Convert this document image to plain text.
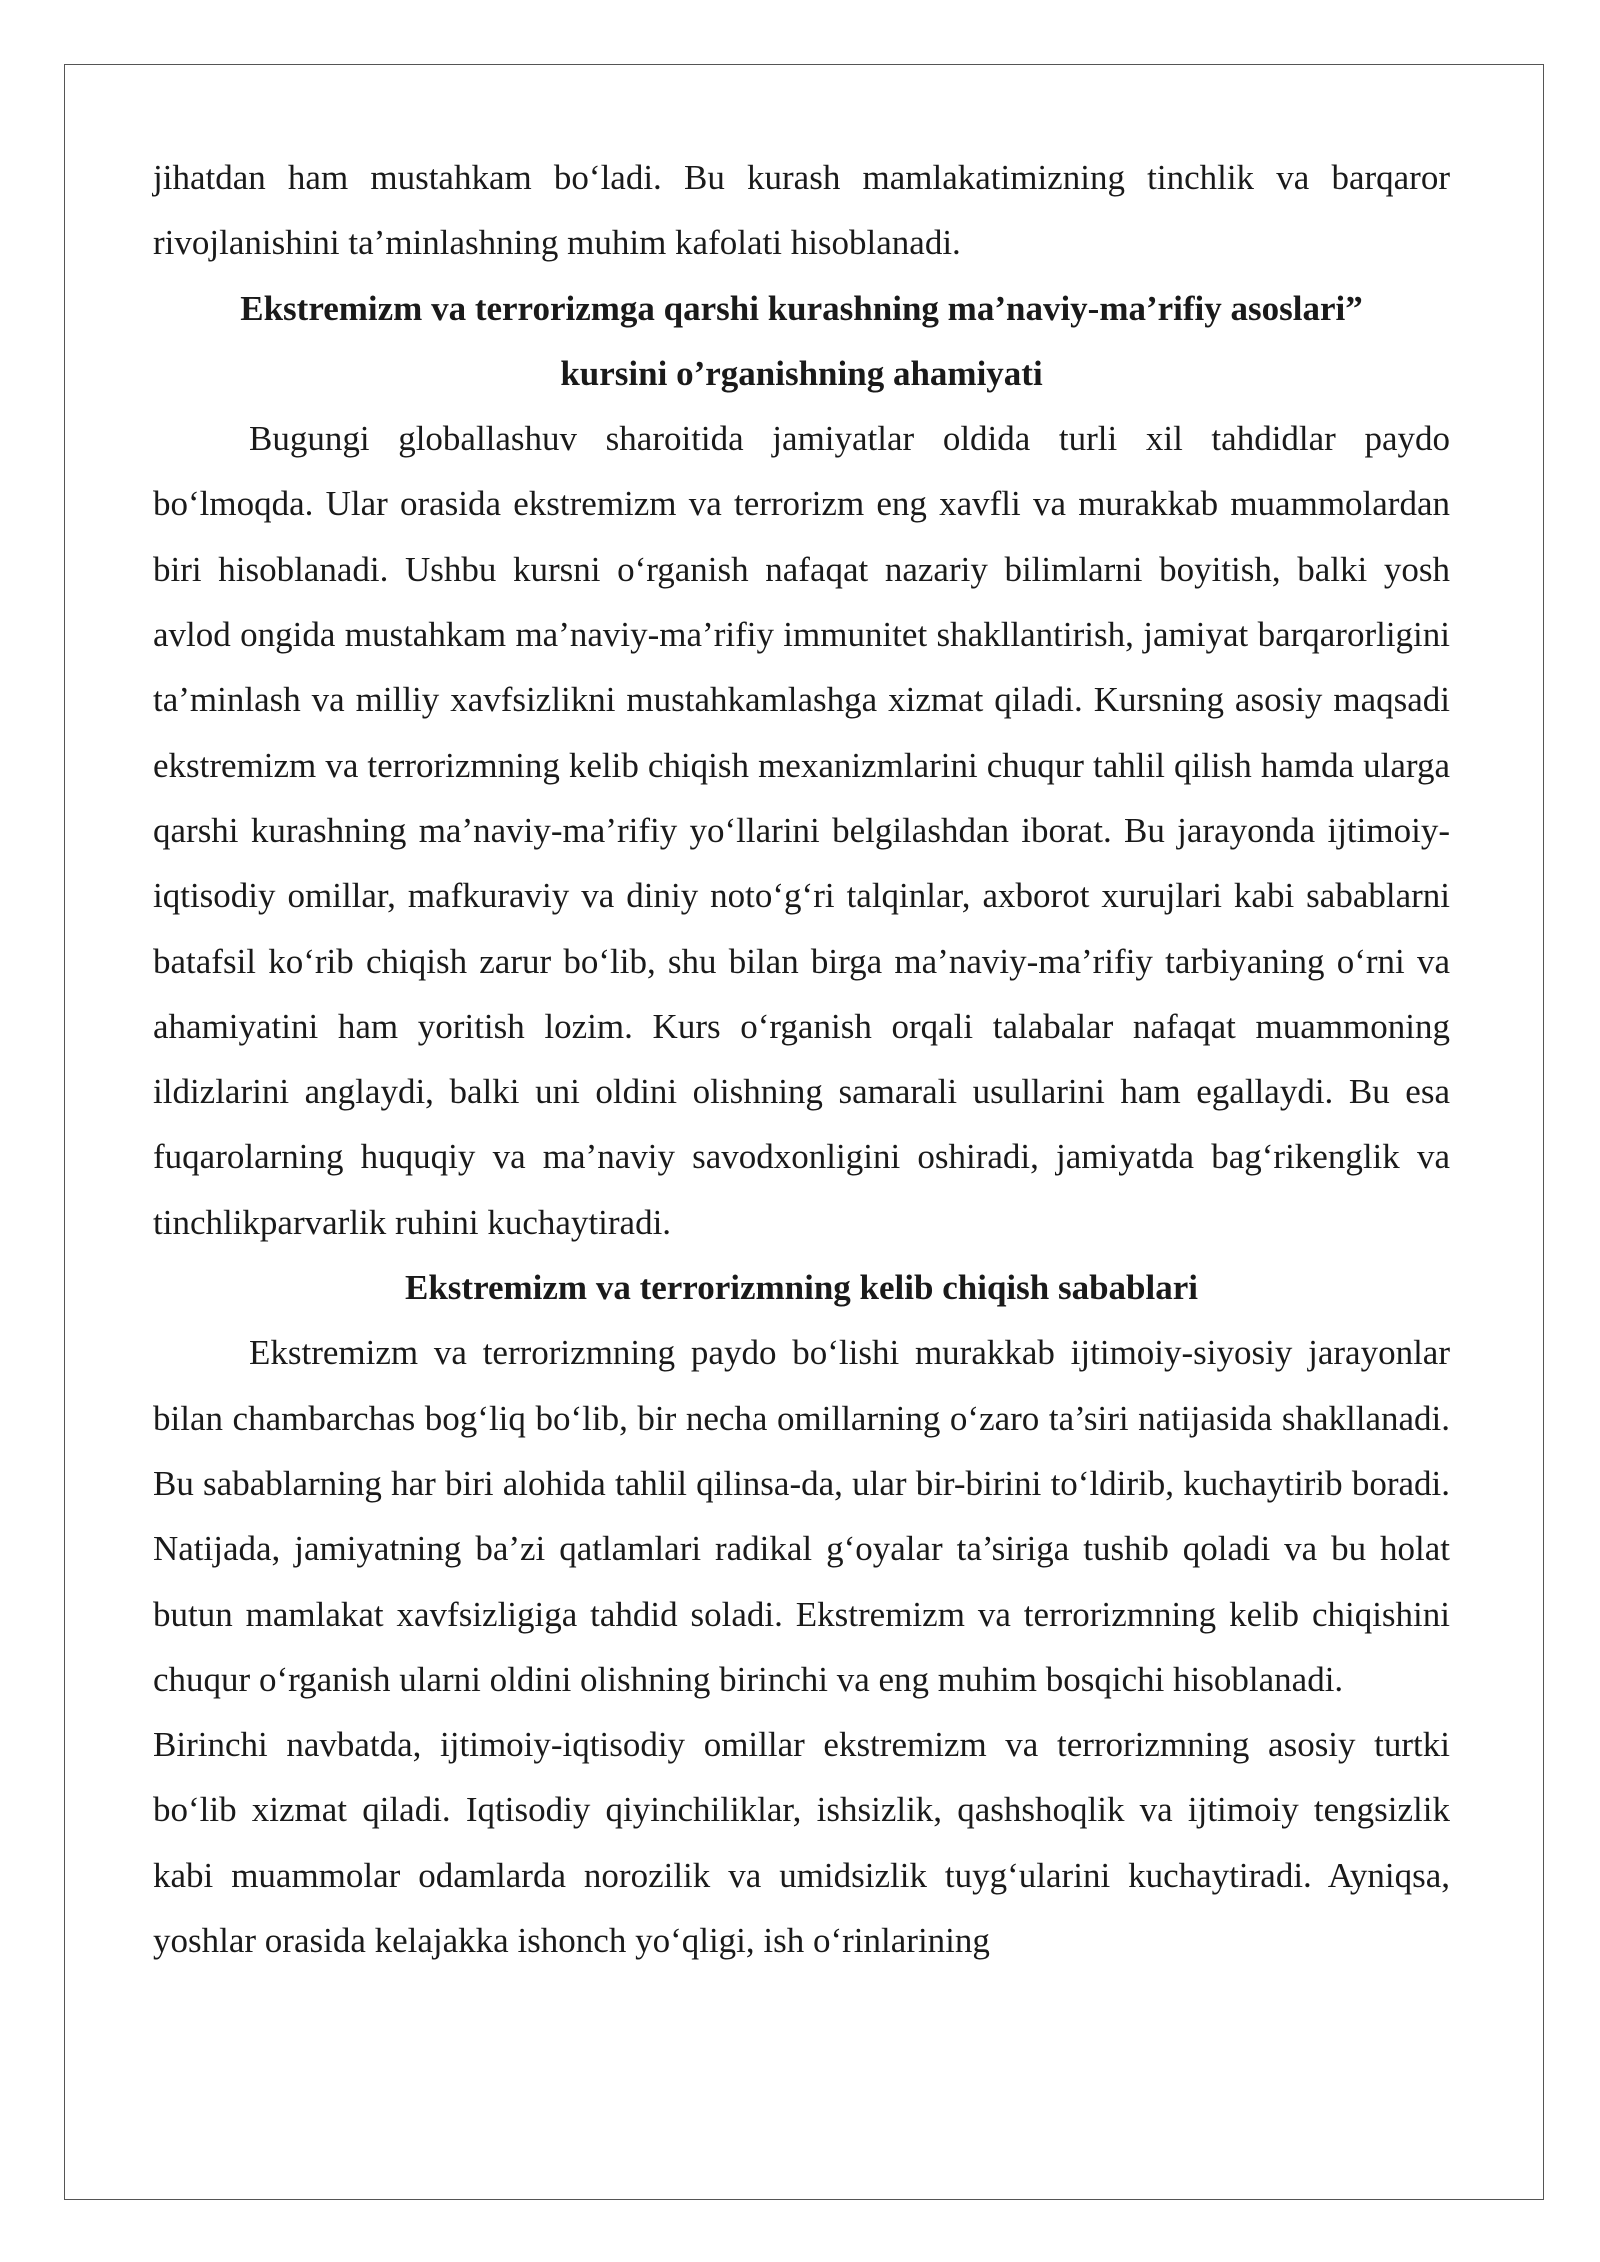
jihatdan ham mustahkam bo‘ladi. Bu kurash mamlakatimizning tinchlik va barqaror rivojlanishini ta’minlashning muhim kafolati hisoblanadi.

Ekstremizm va terrorizmga qarshi kurashning ma’naviy-ma’rifiy asoslari”

kursini o’rganishning ahamiyati

Bugungi globallashuv sharoitida jamiyatlar oldida turli xil tahdidlar paydo bo‘lmoqda. Ular orasida ekstremizm va terrorizm eng xavfli va murakkab muammolardan biri hisoblanadi. Ushbu kursni o‘rganish nafaqat nazariy bilimlarni boyitish, balki yosh avlod ongida mustahkam ma’naviy-ma’rifiy immunitet shakllantirish, jamiyat barqarorligini ta’minlash va milliy xavfsizlikni mustahkamlashga xizmat qiladi. Kursning asosiy maqsadi ekstremizm va terrorizmning kelib chiqish mexanizmlarini chuqur tahlil qilish hamda ularga qarshi kurashning ma’naviy-ma’rifiy yo‘llarini belgilashdan iborat. Bu jarayonda ijtimoiy-iqtisodiy omillar, mafkuraviy va diniy noto‘g‘ri talqinlar, axborot xurujlari kabi sabablarni batafsil ko‘rib chiqish zarur bo‘lib, shu bilan birga ma’naviy-ma’rifiy tarbiyaning o‘rni va ahamiyatini ham yoritish lozim. Kurs o‘rganish orqali talabalar nafaqat muammoning ildizlarini anglaydi, balki uni oldini olishning samarali usullarini ham egallaydi. Bu esa fuqarolarning huquqiy va ma’naviy savodxonligini oshiradi, jamiyatda bag‘rikenglik va tinchlikparvarlik ruhini kuchaytiradi.

Ekstremizm va terrorizmning kelib chiqish sabablari

Ekstremizm va terrorizmning paydo bo‘lishi murakkab ijtimoiy-siyosiy jarayonlar bilan chambarchas bog‘liq bo‘lib, bir necha omillarning o‘zaro ta’siri natijasida shakllanadi. Bu sabablarning har biri alohida tahlil qilinsa-da, ular bir-birini to‘ldirib, kuchaytirib boradi. Natijada, jamiyatning ba’zi qatlamlari radikal g‘oyalar ta’siriga tushib qoladi va bu holat butun mamlakat xavfsizligiga tahdid soladi. Ekstremizm va terrorizmning kelib chiqishini chuqur o‘rganish ularni oldini olishning birinchi va eng muhim bosqichi hisoblanadi.

Birinchi navbatda, ijtimoiy-iqtisodiy omillar ekstremizm va terrorizmning asosiy turtki bo‘lib xizmat qiladi. Iqtisodiy qiyinchiliklar, ishsizlik, qashshoqlik va ijtimoiy tengsizlik kabi muammolar odamlarda norozilik va umidsizlik tuyg‘ularini kuchaytiradi. Ayniqsa, yoshlar orasida kelajakka ishonch yo‘qligi, ish o‘rinlarining
